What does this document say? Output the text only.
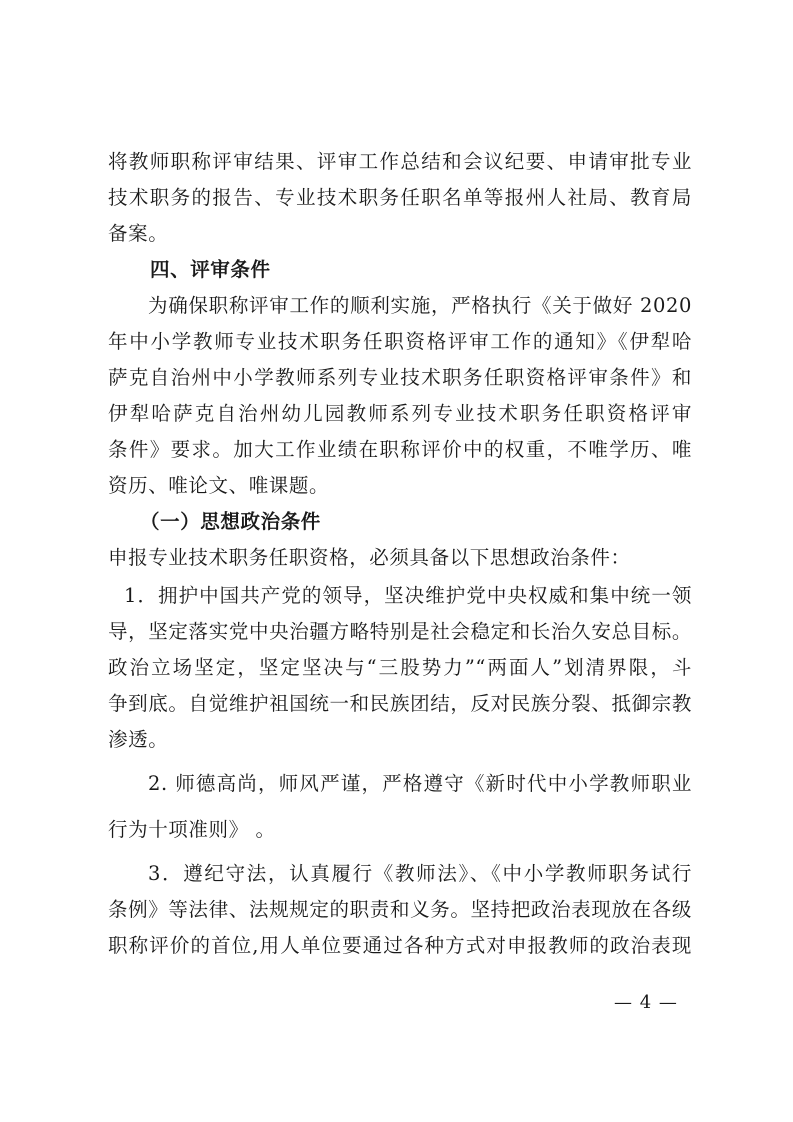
将教师职称评审结果、评审工作总结和会议纪要、申请审批专业
技术职务的报告、专业技术职务任职名单等报州人社局、教育局
备案。
四、评审条件
为确保职称评审工作的顺利实施，严格执行《关于做好 2020
年中小学教师专业技术职务任职资格评审工作的通知》《伊犁哈
萨克自治州中小学教师系列专业技术职务任职资格评审条件》和
伊犁哈萨克自治州幼儿园教师系列专业技术职务任职资格评审
条件》要求。加大工作业绩在职称评价中的权重，不唯学历、唯
资历、唯论文、唯课题。
（一）思想政治条件
申报专业技术职务任职资格，必须具备以下思想政治条件：
1．拥护中国共产党的领导，坚决维护党中央权威和集中统一领
导，坚定落实党中央治疆方略特别是社会稳定和长治久安总目标。
政治立场坚定，坚定坚决与“三股势力”“两面人”划清界限，斗
争到底。自觉维护祖国统一和民族团结，反对民族分裂、抵御宗教
渗透。
2. 师德高尚，师风严谨，严格遵守《新时代中小学教师职业
行为十项准则》 。
3．遵纪守法，认真履行《教师法》、《中小学教师职务试行
条例》等法律、法规规定的职责和义务。坚持把政治表现放在各级
职称评价的首位,用人单位要通过各种方式对申报教师的政治表现
— 4 —
